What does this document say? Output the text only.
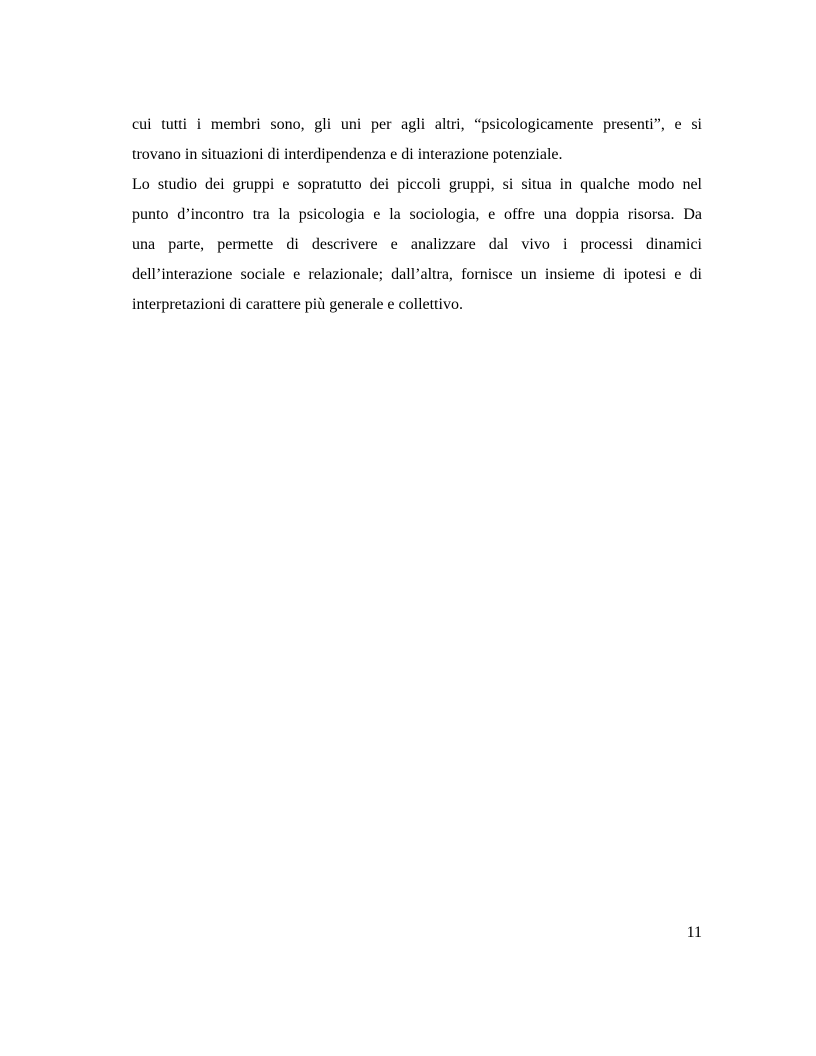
cui tutti i membri sono, gli uni per agli altri, “psicologicamente presenti”, e si
trovano in situazioni di interdipendenza e di interazione potenziale.

Lo studio dei gruppi e sopratutto dei piccoli gruppi, si situa in qualche modo nel
punto d’incontro tra la psicologia e la sociologia, e offre una doppia risorsa. Da
una parte, permette di descrivere e analizzare dal vivo i processi dinamici
dell’interazione sociale e relazionale; dall’altra, fornisce un insieme di ipotesi e di
interpretazioni di carattere più generale e collettivo.

11
